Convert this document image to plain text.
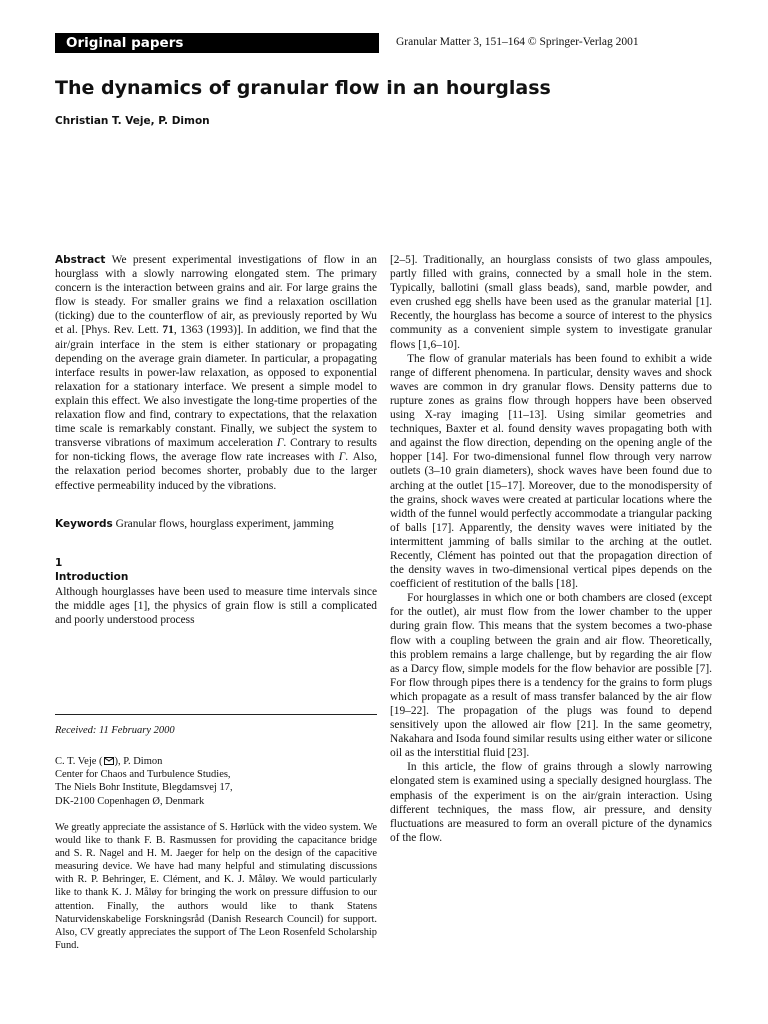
Original papers	Granular Matter 3, 151–164 © Springer-Verlag 2001
The dynamics of granular flow in an hourglass
Christian T. Veje, P. Dimon

Abstract We present experimental investigations of flow in an hourglass with a slowly narrowing elongated stem. The primary concern is the interaction between grains and air. For large grains the flow is steady. For smaller grains we find a relaxation oscillation (ticking) due to the counterflow of air, as previously reported by Wu et al. [Phys. Rev. Lett. 71, 1363 (1993)]. In addition, we find that the air/grain interface in the stem is either stationary or propagating depending on the average grain diameter. In particular, a propagating interface results in power-law relaxation, as opposed to exponential relaxation for a stationary interface. We present a simple model to explain this effect. We also investigate the long-time properties of the relaxation flow and find, contrary to expectations, that the relaxation time scale is remarkably constant. Finally, we subject the system to transverse vibrations of maximum acceleration Γ. Contrary to results for non-ticking flows, the average flow rate increases with Γ. Also, the relaxation period becomes shorter, probably due to the larger effective permeability induced by the vibrations.

Keywords Granular flows, hourglass experiment, jamming

1

Introduction

Although hourglasses have been used to measure time intervals since the middle ages [1], the physics of grain flow is still a complicated and poorly understood process

Received: 11 February 2000
C. T. Veje ( ), P. Dimon
Center for Chaos and Turbulence Studies,
The Niels Bohr Institute, Blegdamsvej 17,
DK-2100 Copenhagen Ø, Denmark

We greatly appreciate the assistance of S. Hørlück with the video system. We would like to thank F. B. Rasmussen for providing the capacitance bridge and S. R. Nagel and H. M. Jaeger for help on the design of the capacitive measuring device. We have had many helpful and stimulating discussions with R. P. Behringer, E. Clément, and K. J. Måløy. We would particularly like to thank K. J. Måløy for bringing the work on pressure diffusion to our attention. Finally, the authors would like to thank Statens Naturvidenskabelige Forskningsråd (Danish Research Council) for support. Also, CV greatly appreciates the support of The Leon Rosenfeld Scholarship Fund.

[2–5]. Traditionally, an hourglass consists of two glass ampoules, partly filled with grains, connected by a small hole in the stem. Typically, ballotini (small glass beads), sand, marble powder, and even crushed egg shells have been used as the granular material [1]. Recently, the hourglass has become a source of interest to the physics community as a convenient simple system to investigate granular flows [1,6–10].

The flow of granular materials has been found to exhibit a wide range of different phenomena. In particular, density waves and shock waves are common in dry granular flows. Density patterns due to rupture zones as grains flow through hoppers have been observed using X-ray imaging [11–13]. Using similar geometries and techniques, Baxter et al. found density waves propagating both with and against the flow direction, depending on the opening angle of the hopper [14]. For two-dimensional funnel flow through very narrow outlets (3–10 grain diameters), shock waves have been found due to arching at the outlet [15–17]. Moreover, due to the monodispersity of the grains, shock waves were created at particular locations where the width of the funnel would perfectly accommodate a triangular packing of balls [17]. Apparently, the density waves were initiated by the intermittent jamming of balls similar to the arching at the outlet. Recently, Clément has pointed out that the propagation direction of the density waves in two-dimensional vertical pipes depends on the coefficient of restitution of the balls [18].

For hourglasses in which one or both chambers are closed (except for the outlet), air must flow from the lower chamber to the upper during grain flow. This means that the system becomes a two-phase flow with a coupling between the grain and air flow. Theoretically, this problem remains a large challenge, but by regarding the air flow as a Darcy flow, simple models for the flow behavior are possible [7]. For flow through pipes there is a tendency for the grains to form plugs which propagate as a result of mass transfer balanced by the air flow [19–22]. The propagation of the plugs was found to depend sensitively upon the allowed air flow [21]. In the same geometry, Nakahara and Isoda found similar results using either water or silicone oil as the interstitial fluid [23].

In this article, the flow of grains through a slowly narrowing elongated stem is examined using a specially designed hourglass. The emphasis of the experiment is on the air/grain interaction. Using different techniques, the mass flow, air pressure, and density fluctuations are measured to form an overall picture of the dynamics of the flow.
